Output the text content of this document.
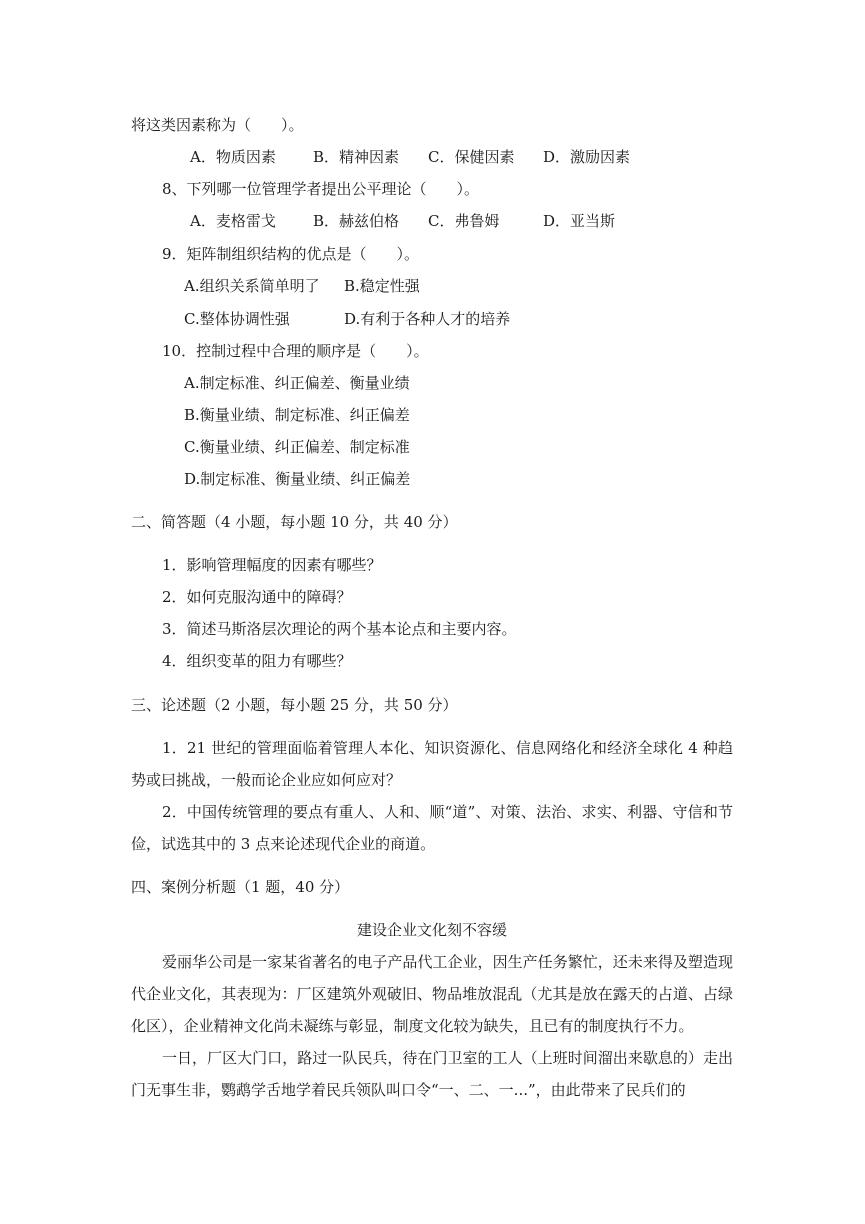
将这类因素称为（　　）。
A．物质因素 B．精神因素 C．保健因素 D．激励因素
8、下列哪一位管理学者提出公平理论（　　）。
A．麦格雷戈 B．赫兹伯格 C．弗鲁姆	D．亚当斯
9．矩阵制组织结构的优点是（　　）。
A.组织关系简单明了 B.稳定性强
C.整体协调性强	D.有利于各种人才的培养
10．控制过程中合理的顺序是（　　）。
A.制定标准、纠正偏差、衡量业绩
B.衡量业绩、制定标准、纠正偏差
C.衡量业绩、纠正偏差、制定标准
D.制定标准、衡量业绩、纠正偏差
二、简答题（4 小题，每小题 10 分，共 40 分）
1．影响管理幅度的因素有哪些？
2．如何克服沟通中的障碍？
3．简述马斯洛层次理论的两个基本论点和主要内容。
4．组织变革的阻力有哪些？
三、论述题（2 小题，每小题 25 分，共 50 分）
1．21 世纪的管理面临着管理人本化、知识资源化、信息网络化和经济全球化 4 种趋势或曰挑战，一般而论企业应如何应对？
2．中国传统管理的要点有重人、人和、顺“道”、对策、法治、求实、利器、守信和节俭，试选其中的 3 点来论述现代企业的商道。
四、案例分析题（1 题，40 分）
建设企业文化刻不容缓
爱丽华公司是一家某省著名的电子产品代工企业，因生产任务繁忙，还未来得及塑造现代企业文化，其表现为：厂区建筑外观破旧、物品堆放混乱（尤其是放在露天的占道、占绿化区），企业精神文化尚未凝练与彰显，制度文化较为缺失，且已有的制度执行不力。
一日，厂区大门口，路过一队民兵，待在门卫室的工人（上班时间溜出来歇息的）走出门无事生非，鹦鹉学舌地学着民兵领队叫口令“一、二、一...”，由此带来了民兵们的
